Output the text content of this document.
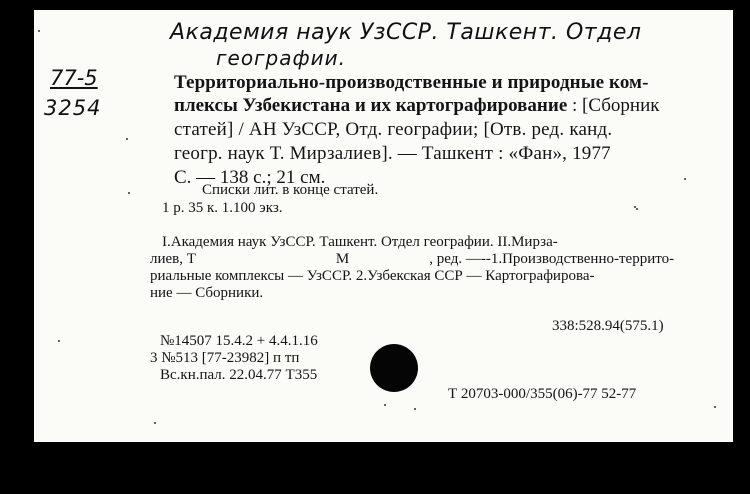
Академия наук УзССР. Ташкент. Отдел
географии.
77-5
3254
Территориально-производственные и природные ком-
плексы Узбекистана и их картографирование : [Сборник
статей] / АН УзССР, Отд. географии; [Отв. ред. канд.
геогр. наук Т. Мирзалиев]. — Ташкент : «Фан», 1977
С. — 138 с.; 21 см.
Списки лит. в конце статей.
1 р. 35 к. 1.100 экз.
I.Академия наук УзССР. Ташкент. Отдел географии. II.Мирза-
лиев, Т	М	, ред. —--1.Производственно-террито-
риальные комплексы — УзССР. 2.Узбекская ССР — Картографирова-
ние — Сборники.
338:528.94(575.1)
№14507 15.4.2 + 4.4.1.16
3 №513 [77-23982] п тп
Вс.кн.пал. 22.04.77 Т355
Т 20703-000/355(06)-77 52-77
